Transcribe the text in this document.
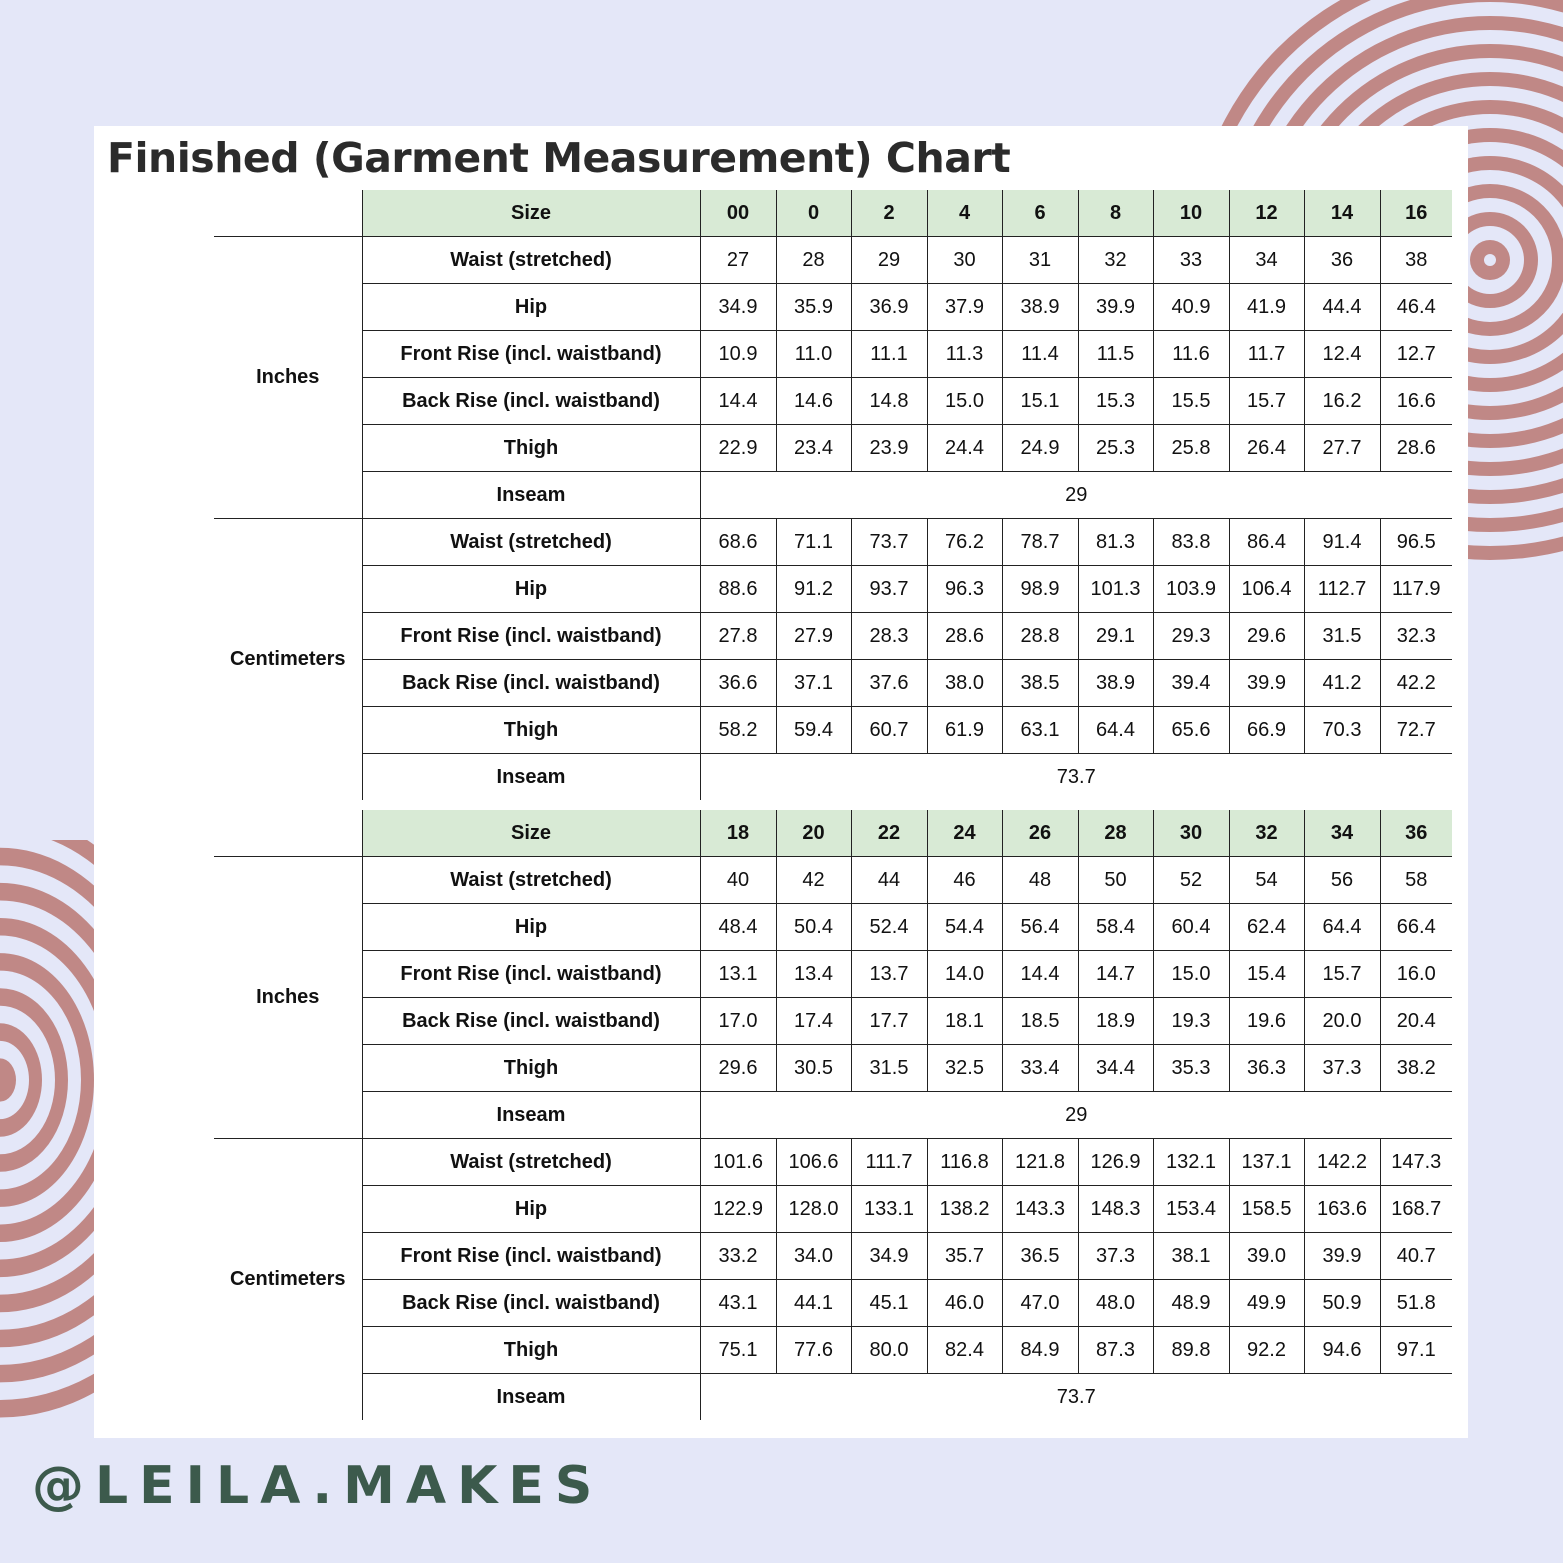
Finished (Garment Measurement) Chart
	Size	00	0	2	4	6	8	10	12	14	16
Inches	Waist (stretched)	27	28	29	30	31	32	33	34	36	38
	Hip	34.9	35.9	36.9	37.9	38.9	39.9	40.9	41.9	44.4	46.4
	Front Rise (incl. waistband)	10.9	11.0	11.1	11.3	11.4	11.5	11.6	11.7	12.4	12.7
	Back Rise (incl. waistband)	14.4	14.6	14.8	15.0	15.1	15.3	15.5	15.7	16.2	16.6
	Thigh	22.9	23.4	23.9	24.4	24.9	25.3	25.8	26.4	27.7	28.6
	Inseam	29									
Centimeters	Waist (stretched)	68.6	71.1	73.7	76.2	78.7	81.3	83.8	86.4	91.4	96.5
	Hip	88.6	91.2	93.7	96.3	98.9	101.3	103.9	106.4	112.7	117.9
	Front Rise (incl. waistband)	27.8	27.9	28.3	28.6	28.8	29.1	29.3	29.6	31.5	32.3
	Back Rise (incl. waistband)	36.6	37.1	37.6	38.0	38.5	38.9	39.4	39.9	41.2	42.2
	Thigh	58.2	59.4	60.7	61.9	63.1	64.4	65.6	66.9	70.3	72.7
	Inseam	73.7									
	Size	18	20	22	24	26	28	30	32	34	36
Inches	Waist (stretched)	40	42	44	46	48	50	52	54	56	58
	Hip	48.4	50.4	52.4	54.4	56.4	58.4	60.4	62.4	64.4	66.4
	Front Rise (incl. waistband)	13.1	13.4	13.7	14.0	14.4	14.7	15.0	15.4	15.7	16.0
	Back Rise (incl. waistband)	17.0	17.4	17.7	18.1	18.5	18.9	19.3	19.6	20.0	20.4
	Thigh	29.6	30.5	31.5	32.5	33.4	34.4	35.3	36.3	37.3	38.2
	Inseam	29									
Centimeters	Waist (stretched)	101.6	106.6	111.7	116.8	121.8	126.9	132.1	137.1	142.2	147.3
	Hip	122.9	128.0	133.1	138.2	143.3	148.3	153.4	158.5	163.6	168.7
	Front Rise (incl. waistband)	33.2	34.0	34.9	35.7	36.5	37.3	38.1	39.0	39.9	40.7
	Back Rise (incl. waistband)	43.1	44.1	45.1	46.0	47.0	48.0	48.9	49.9	50.9	51.8
	Thigh	75.1	77.6	80.0	82.4	84.9	87.3	89.8	92.2	94.6	97.1
	Inseam	73.7									
@LEILA.MAKES
